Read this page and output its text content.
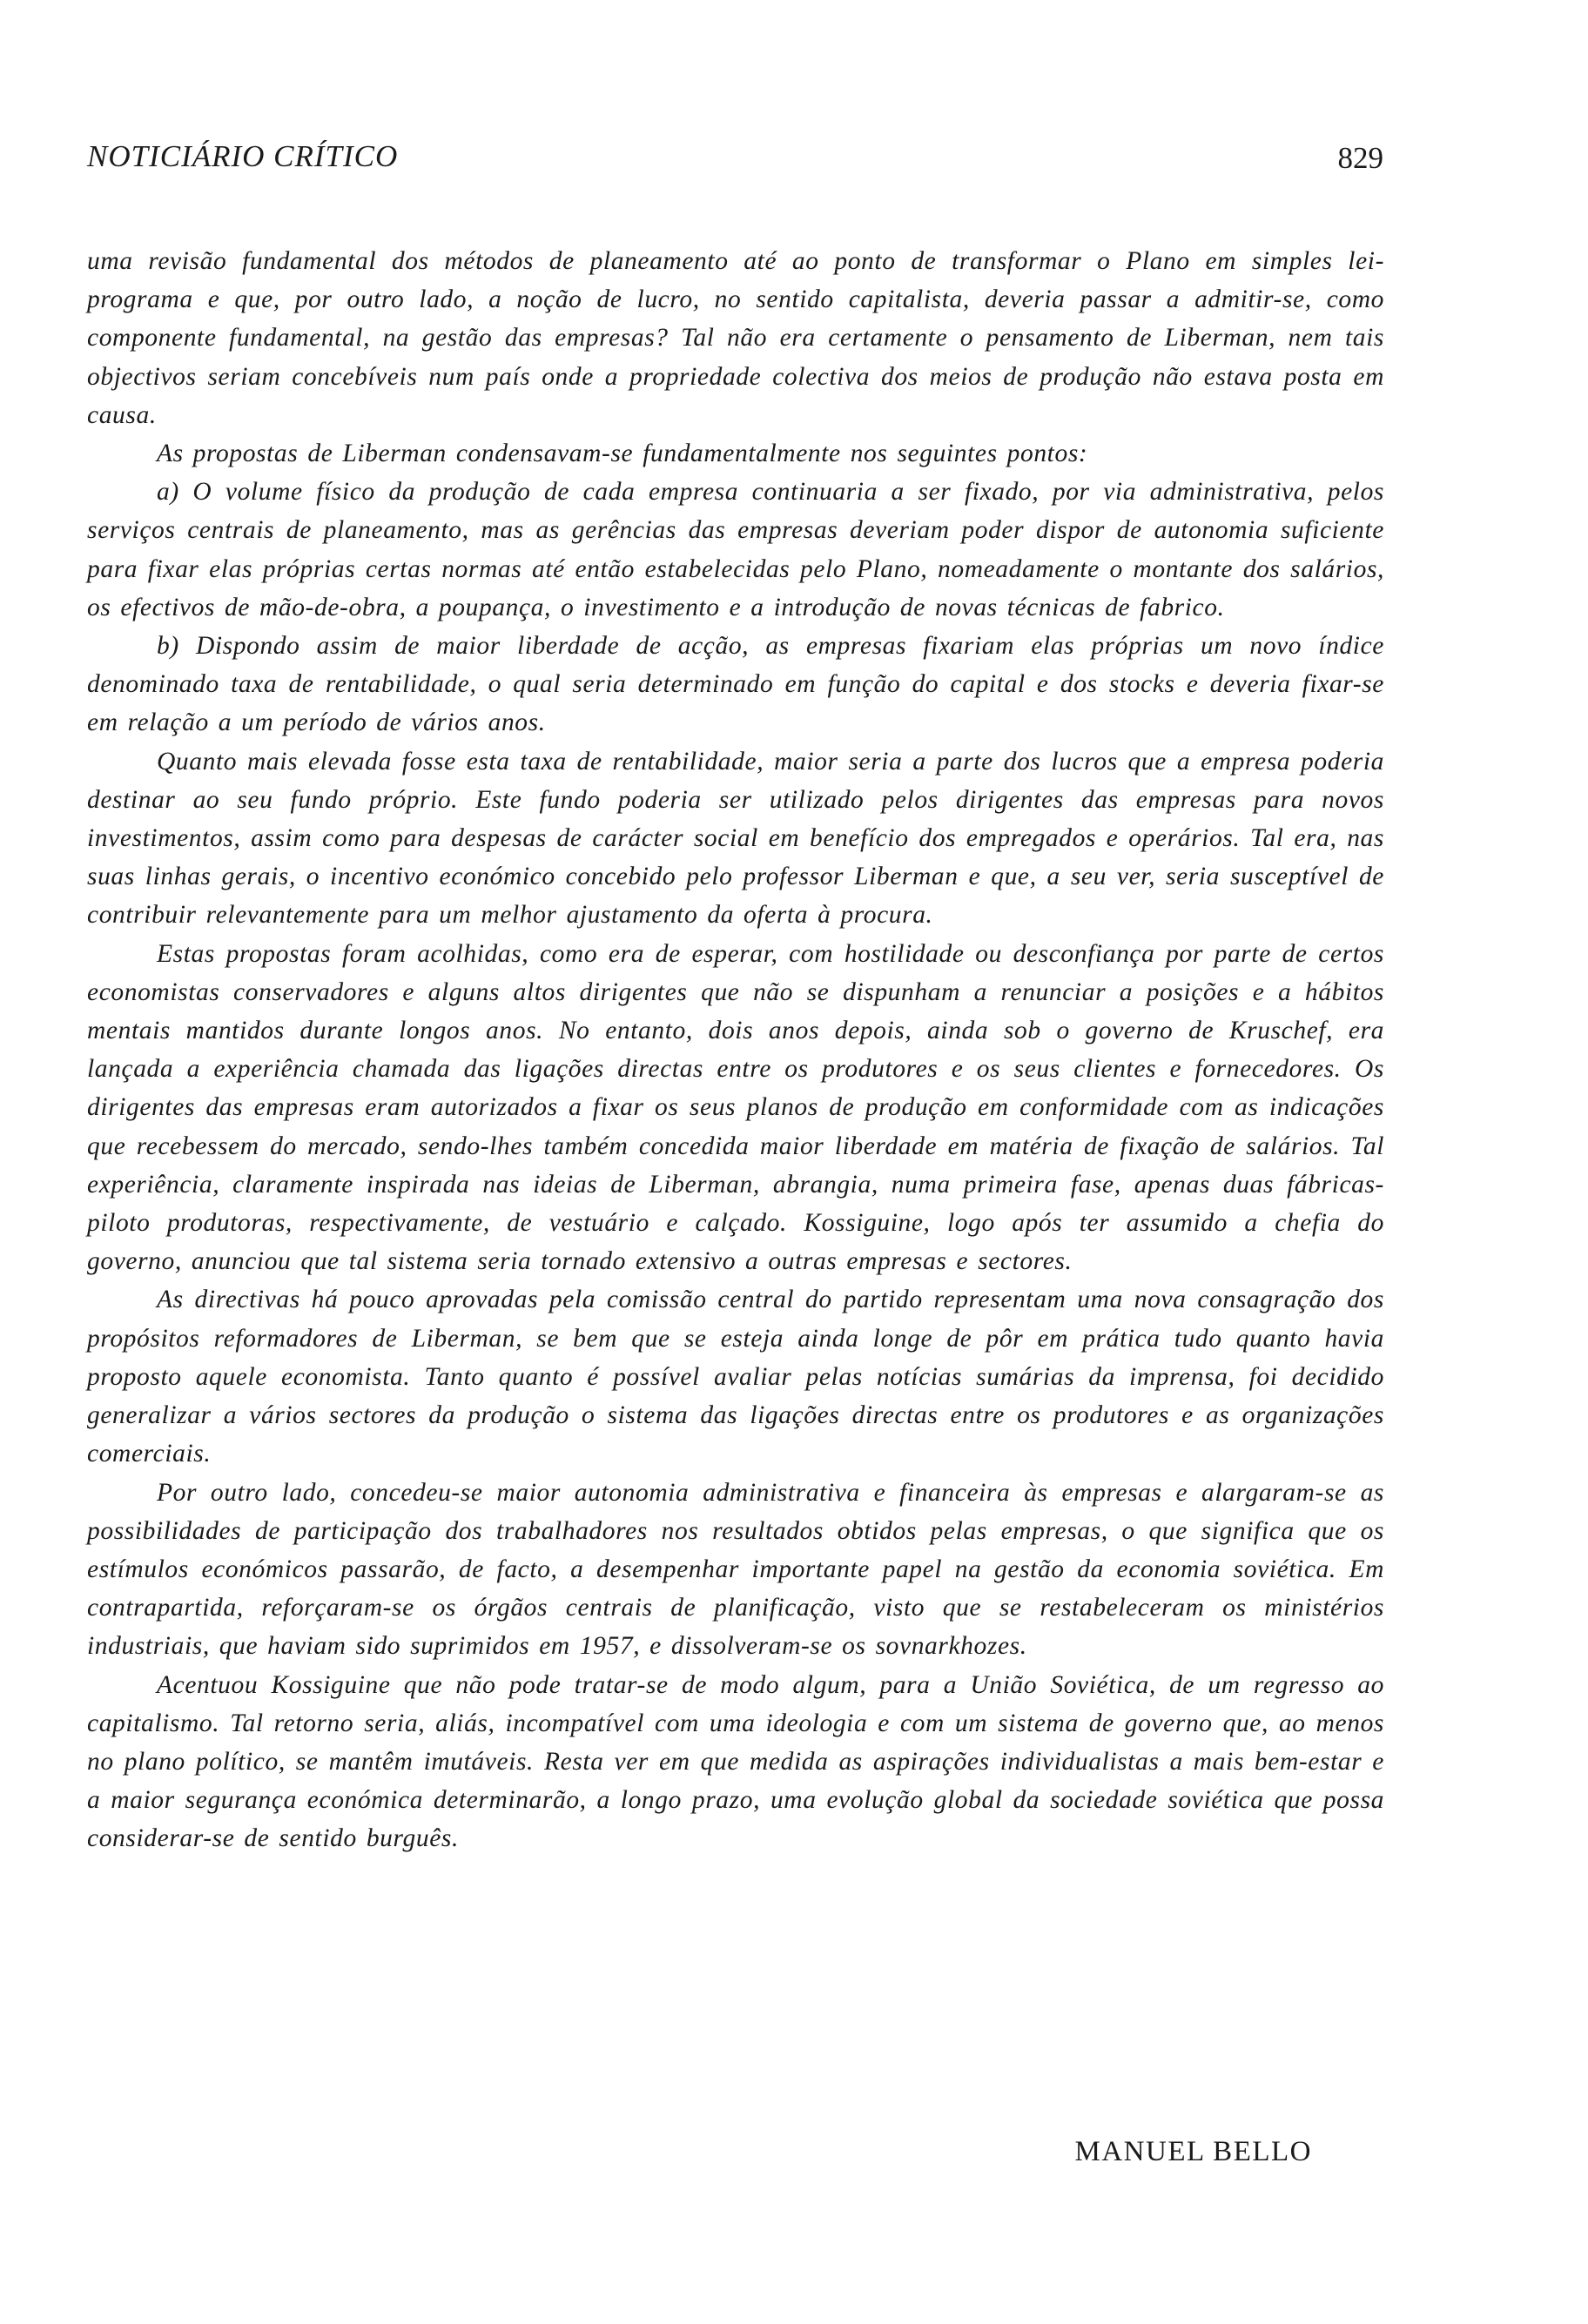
NOTICIÁRIO CRÍTICO	829

uma revisão fundamental dos métodos de planeamento até ao ponto de transformar o Plano em simples lei-programa e que, por outro lado, a noção de lucro, no sentido capitalista, deveria passar a admitir-se, como componente fundamental, na gestão das empresas? Tal não era certamente o pensamento de Liberman, nem tais objectivos seriam concebíveis num país onde a propriedade colectiva dos meios de produção não estava posta em causa.

As propostas de Liberman condensavam-se fundamentalmente nos seguintes pontos:

a) O volume físico da produção de cada empresa continuaria a ser fixado, por via administrativa, pelos serviços centrais de planeamento, mas as gerências das empresas deveriam poder dispor de autonomia suficiente para fixar elas próprias certas normas até então estabelecidas pelo Plano, nomeadamente o montante dos salários, os efectivos de mão-de-obra, a poupança, o investimento e a introdução de novas técnicas de fabrico.

b) Dispondo assim de maior liberdade de acção, as empresas fixariam elas próprias um novo índice denominado taxa de rentabilidade, o qual seria determinado em função do capital e dos stocks e deveria fixar-se em relação a um período de vários anos.

Quanto mais elevada fosse esta taxa de rentabilidade, maior seria a parte dos lucros que a empresa poderia destinar ao seu fundo próprio. Este fundo poderia ser utilizado pelos dirigentes das empresas para novos investimentos, assim como para despesas de carácter social em benefício dos empregados e operários. Tal era, nas suas linhas gerais, o incentivo económico concebido pelo professor Liberman e que, a seu ver, seria susceptível de contribuir relevantemente para um melhor ajustamento da oferta à procura.

Estas propostas foram acolhidas, como era de esperar, com hostilidade ou desconfiança por parte de certos economistas conservadores e alguns altos dirigentes que não se dispunham a renunciar a posições e a hábitos mentais mantidos durante longos anos. No entanto, dois anos depois, ainda sob o governo de Kruschef, era lançada a experiência chamada das ligações directas entre os produtores e os seus clientes e fornecedores. Os dirigentes das empresas eram autorizados a fixar os seus planos de produção em conformidade com as indicações que recebessem do mercado, sendo-lhes também concedida maior liberdade em matéria de fixação de salários. Tal experiência, claramente inspirada nas ideias de Liberman, abrangia, numa primeira fase, apenas duas fábricas-piloto produtoras, respectivamente, de vestuário e calçado. Kossiguine, logo após ter assumido a chefia do governo, anunciou que tal sistema seria tornado extensivo a outras empresas e sectores.

As directivas há pouco aprovadas pela comissão central do partido representam uma nova consagração dos propósitos reformadores de Liberman, se bem que se esteja ainda longe de pôr em prática tudo quanto havia proposto aquele economista. Tanto quanto é possível avaliar pelas notícias sumárias da imprensa, foi decidido generalizar a vários sectores da produção o sistema das ligações directas entre os produtores e as organizações comerciais.

Por outro lado, concedeu-se maior autonomia administrativa e financeira às empresas e alargaram-se as possibilidades de participação dos trabalhadores nos resultados obtidos pelas empresas, o que significa que os estímulos económicos passarão, de facto, a desempenhar importante papel na gestão da economia soviética. Em contrapartida, reforçaram-se os órgãos centrais de planificação, visto que se restabeleceram os ministérios industriais, que haviam sido suprimidos em 1957, e dissolveram-se os sovnarkhozes.

Acentuou Kossiguine que não pode tratar-se de modo algum, para a União Soviética, de um regresso ao capitalismo. Tal retorno seria, aliás, incompatível com uma ideologia e com um sistema de governo que, ao menos no plano político, se mantêm imutáveis. Resta ver em que medida as aspirações individualistas a mais bem-estar e a maior segurança económica determinarão, a longo prazo, uma evolução global da sociedade soviética que possa considerar-se de sentido burguês.

MANUEL BELLO
